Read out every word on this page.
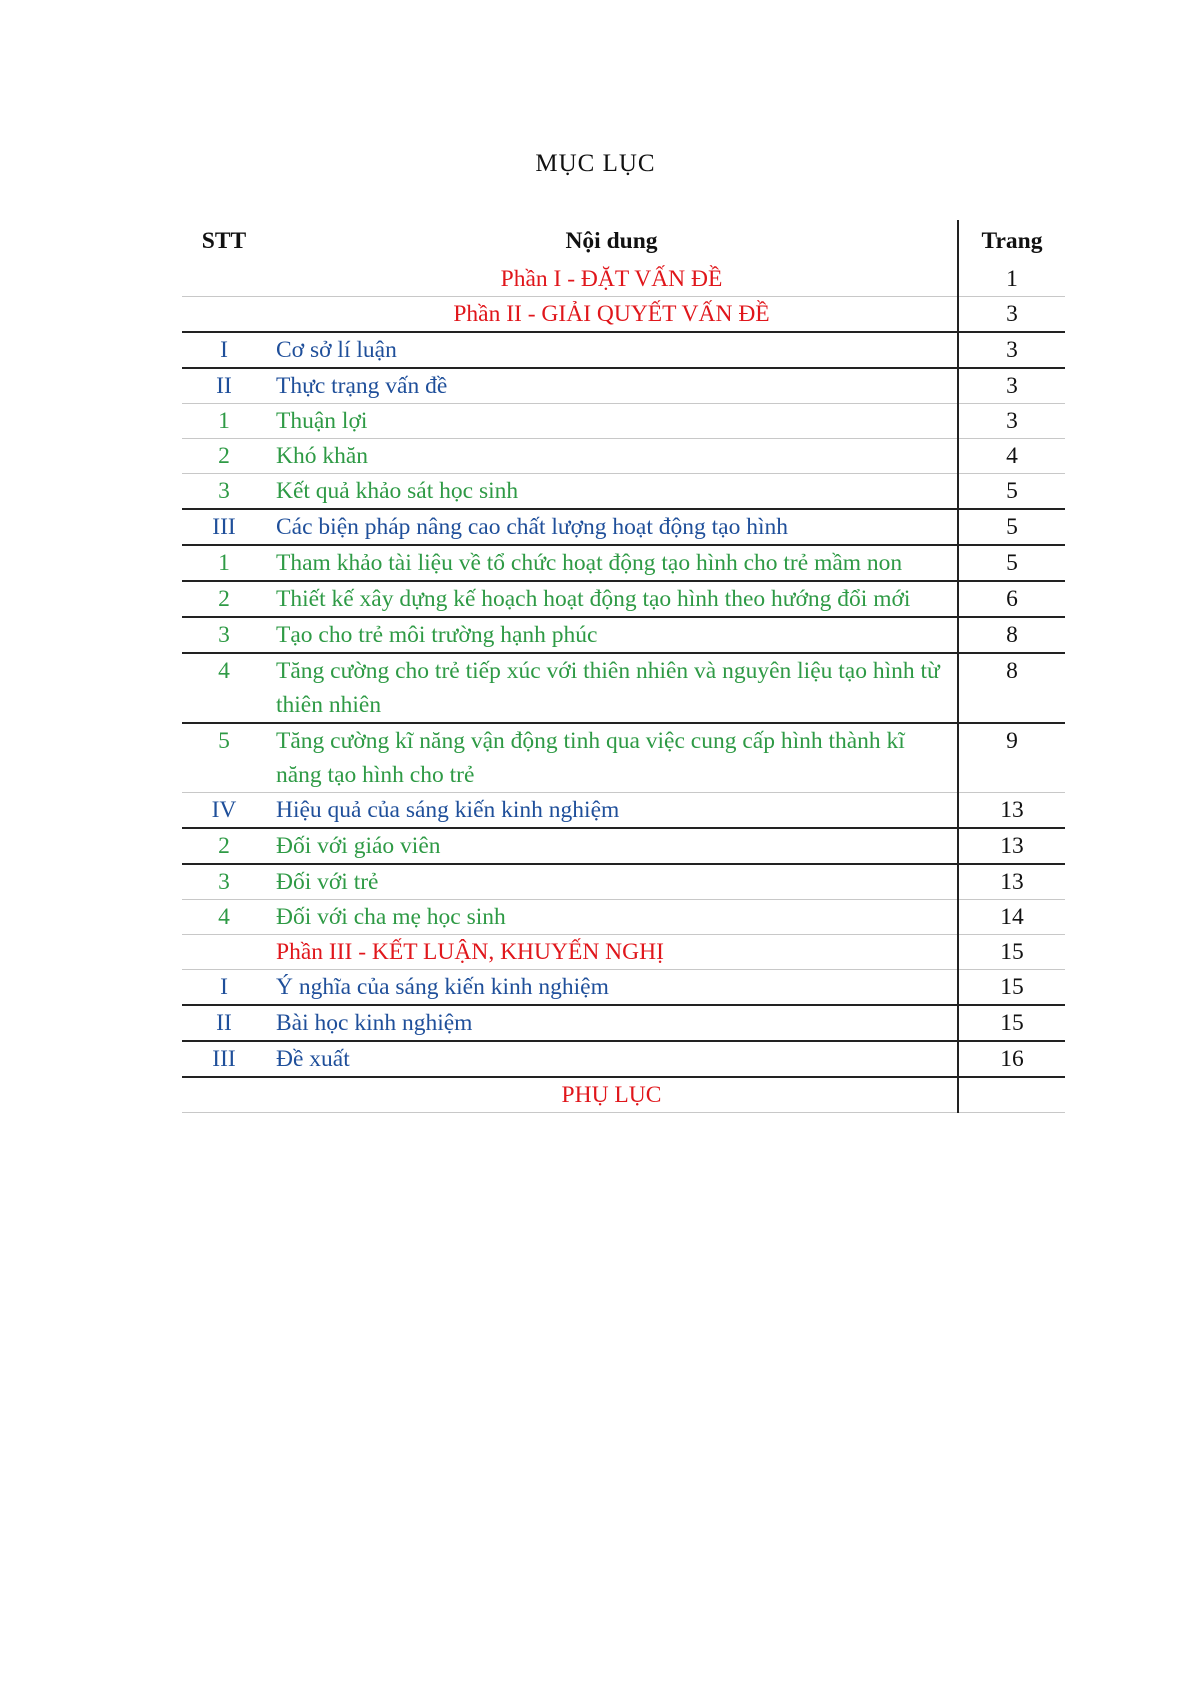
MỤC LỤC
STT	Nội dung	Trang
	Phần I - ĐẶT VẤN ĐỀ	1
	Phần II - GIẢI QUYẾT VẤN ĐỀ	3
I	Cơ sở lí luận	3
II	Thực trạng vấn đề	3
1	Thuận lợi	3
2	Khó khăn	4
3	Kết quả khảo sát học sinh	5
III	Các biện pháp nâng cao chất lượng hoạt động tạo hình	5
1	Tham khảo tài liệu về tổ chức hoạt động tạo hình cho trẻ mầm non	5
2	Thiết kế xây dựng kế hoạch hoạt động tạo hình theo hướng đổi mới	6
3	Tạo cho trẻ môi trường hạnh phúc	8
4	Tăng cường cho trẻ tiếp xúc với thiên nhiên và nguyên liệu tạo hình từ thiên nhiên	8
5	Tăng cường kĩ năng vận động tinh qua việc cung cấp hình thành kĩ năng tạo hình cho trẻ	9
IV	Hiệu quả của sáng kiến kinh nghiệm	13
2	Đối với giáo viên	13
3	Đối với trẻ	13
4	Đối với cha mẹ học sinh	14
	Phần III - KẾT LUẬN, KHUYẾN NGHỊ	15
I	Ý nghĩa của sáng kiến kinh nghiệm	15
II	Bài học kinh nghiệm	15
III	Đề xuất	16
	PHỤ LỤC	
